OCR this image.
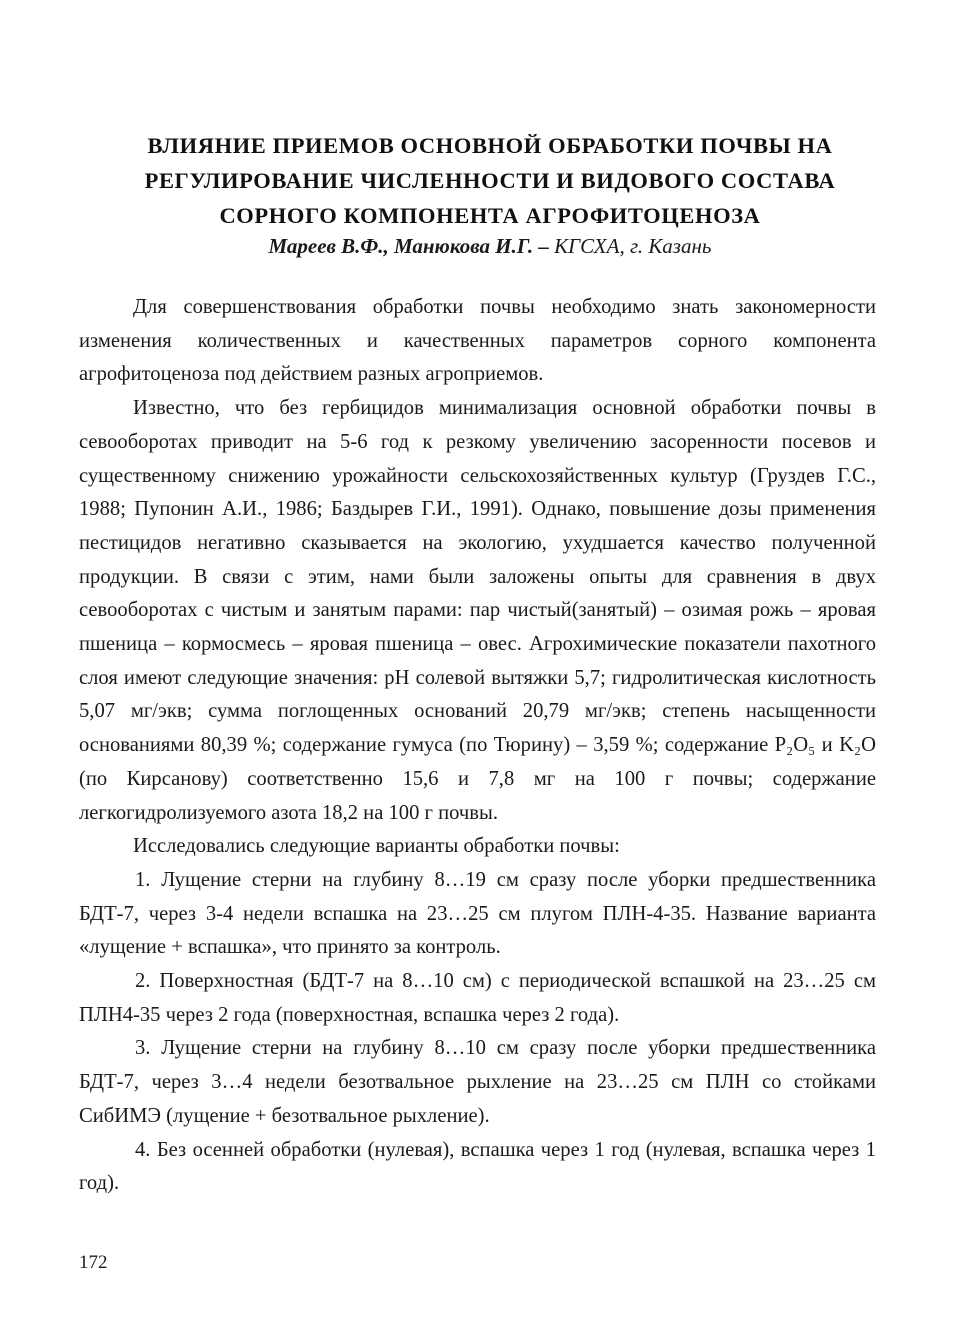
ВЛИЯНИЕ ПРИЕМОВ ОСНОВНОЙ ОБРАБОТКИ ПОЧВЫ НА
РЕГУЛИРОВАНИЕ ЧИСЛЕННОСТИ И ВИДОВОГО СОСТАВА
СОРНОГО КОМПОНЕНТА АГРОФИТОЦЕНОЗА
Мареев В.Ф., Манюкова И.Г. – КГСХА, г. Казань

Для совершенствования обработки почвы необходимо знать закономерности изменения количественных и качественных параметров сорного компонента агрофитоценоза под действием разных агроприемов.

Известно, что без гербицидов минимализация основной обработки почвы в севооборотах приводит на 5-6 год к резкому увеличению засоренности посевов и существенному снижению урожайности сельскохозяйственных культур (Груздев Г.С., 1988; Пупонин А.И., 1986; Баздырев Г.И., 1991). Однако, повышение дозы применения пестицидов негативно сказывается на экологию, ухудшается качество полученной продукции. В связи с этим, нами были заложены опыты для сравнения в двух севооборотах с чистым и занятым парами: пар чистый(занятый) – озимая рожь – яровая пшеница – кормосмесь – яровая пшеница – овес. Агрохимические показатели пахотного слоя имеют следующие значения: pH солевой вытяжки 5,7; гидролитическая кислотность 5,07 мг/экв; сумма поглощенных оснований 20,79 мг/экв; степень насыщенности основаниями 80,39 %; содержание гумуса (по Тюрину) – 3,59 %; содержание P₂O₅ и K₂O (по Кирсанову) соответственно 15,6 и 7,8 мг на 100 г почвы; содержание легкогидролизуемого азота 18,2 на 100 г почвы.

Исследовались следующие варианты обработки почвы:

1. Лущение стерни на глубину 8…19 см сразу после уборки предшественника БДТ-7, через 3-4 недели вспашка на 23…25 см плугом ПЛН-4-35. Название варианта «лущение + вспашка», что принято за контроль.

2. Поверхностная (БДТ-7 на 8…10 см) с периодической вспашкой на 23…25 см ПЛН4-35 через 2 года (поверхностная, вспашка через 2 года).

3. Лущение стерни на глубину 8…10 см сразу после уборки предшественника БДТ-7, через 3…4 недели безотвальное рыхление на 23…25 см ПЛН со стойками СибИМЭ (лущение + безотвальное рыхление).

4. Без осенней обработки (нулевая), вспашка через 1 год (нулевая, вспашка через 1 год).

172
